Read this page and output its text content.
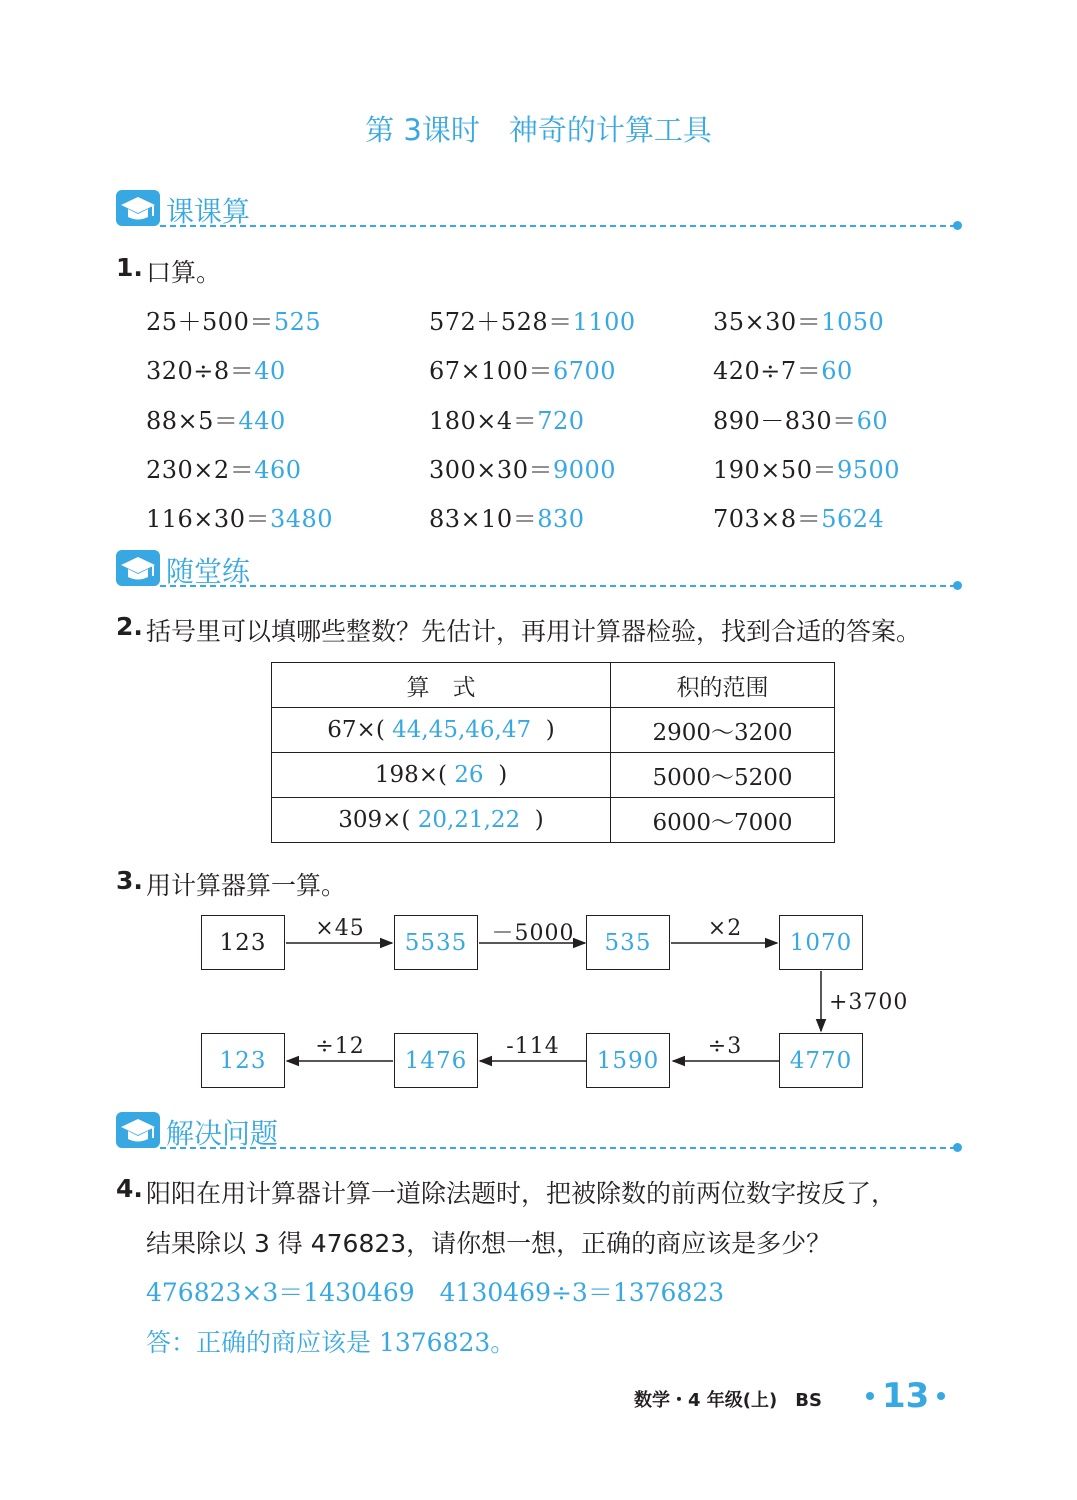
第 3课时　神奇的计算工具
课课算
1. 口算。
25＋500＝525	572＋528＝1100	35×30＝1050
320÷8＝40	67×100＝6700	420÷7＝60
88×5＝440	180×4＝720	890－830＝60
230×2＝460	300×30＝9000	190×50＝9500
116×30＝3480	83×10＝830	703×8＝5624
随堂练
2. 括号里可以填哪些整数？先估计，再用计算器检验，找到合适的答案。
算　式	积的范围
67×( 44,45,46,47 )	2900～3200
198×( 26 )	5000～5200
309×( 20,21,22 )	6000～7000
3. 用计算器算一算。
123	5535	535	1070
×45	－5000	×2
+3700
123	1476	1590	4770
÷12	-114	÷3
解决问题
4. 阳阳在用计算器计算一道除法题时，把被除数的前两位数字按反了，
结果除以 3 得 476823，请你想一想，正确的商应该是多少？
476823×3＝1430469　4130469÷3＝1376823
答：正确的商应该是 1376823。
数学・4 年级(上)　BS 13
